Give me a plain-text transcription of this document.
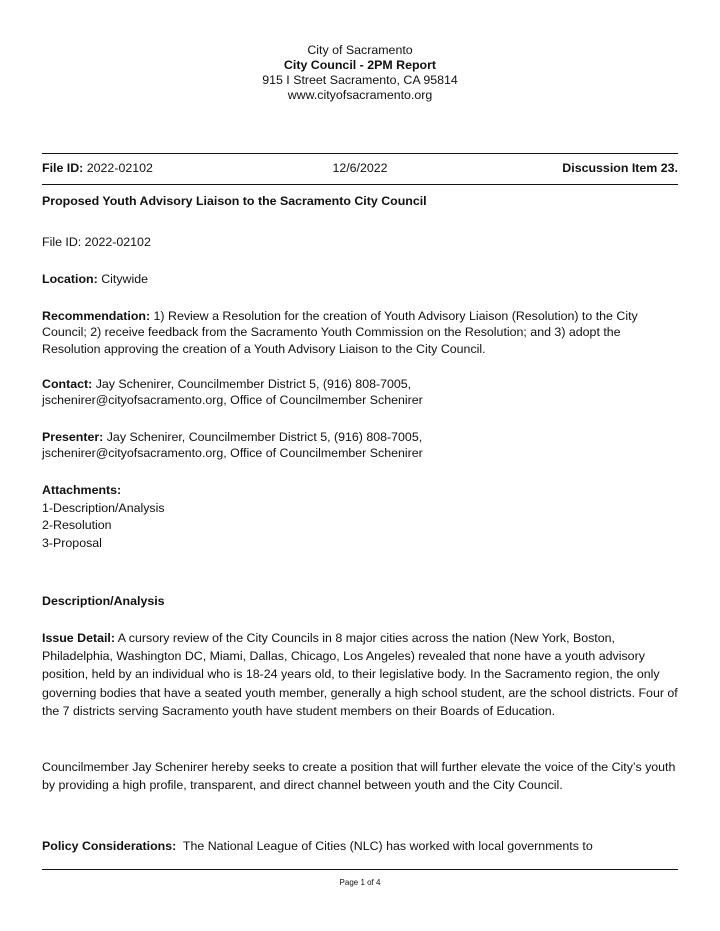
City of Sacramento
City Council - 2PM Report
915 I Street Sacramento, CA 95814
www.cityofsacramento.org
12/6/2022
File ID: 2022-02102	Discussion Item 23.
Proposed Youth Advisory Liaison to the Sacramento City Council
File ID: 2022-02102
Location: Citywide
Recommendation: 1) Review a Resolution for the creation of Youth Advisory Liaison (Resolution) to the City Council; 2) receive feedback from the Sacramento Youth Commission on the Resolution; and 3) adopt the Resolution approving the creation of a Youth Advisory Liaison to the City Council.
Contact: Jay Schenirer, Councilmember District 5, (916) 808-7005,
jschenirer@cityofsacramento.org, Office of Councilmember Schenirer
Presenter: Jay Schenirer, Councilmember District 5, (916) 808-7005,
jschenirer@cityofsacramento.org, Office of Councilmember Schenirer
Attachments:
1-Description/Analysis
2-Resolution
3-Proposal
Description/Analysis
Issue Detail: A cursory review of the City Councils in 8 major cities across the nation (New York, Boston, Philadelphia, Washington DC, Miami, Dallas, Chicago, Los Angeles) revealed that none have a youth advisory position, held by an individual who is 18-24 years old, to their legislative body. In the Sacramento region, the only governing bodies that have a seated youth member, generally a high school student, are the school districts. Four of the 7 districts serving Sacramento youth have student members on their Boards of Education.
Councilmember Jay Schenirer hereby seeks to create a position that will further elevate the voice of the City’s youth by providing a high profile, transparent, and direct channel between youth and the City Council.
Policy Considerations:  The National League of Cities (NLC) has worked with local governments to
Page 1 of 4
